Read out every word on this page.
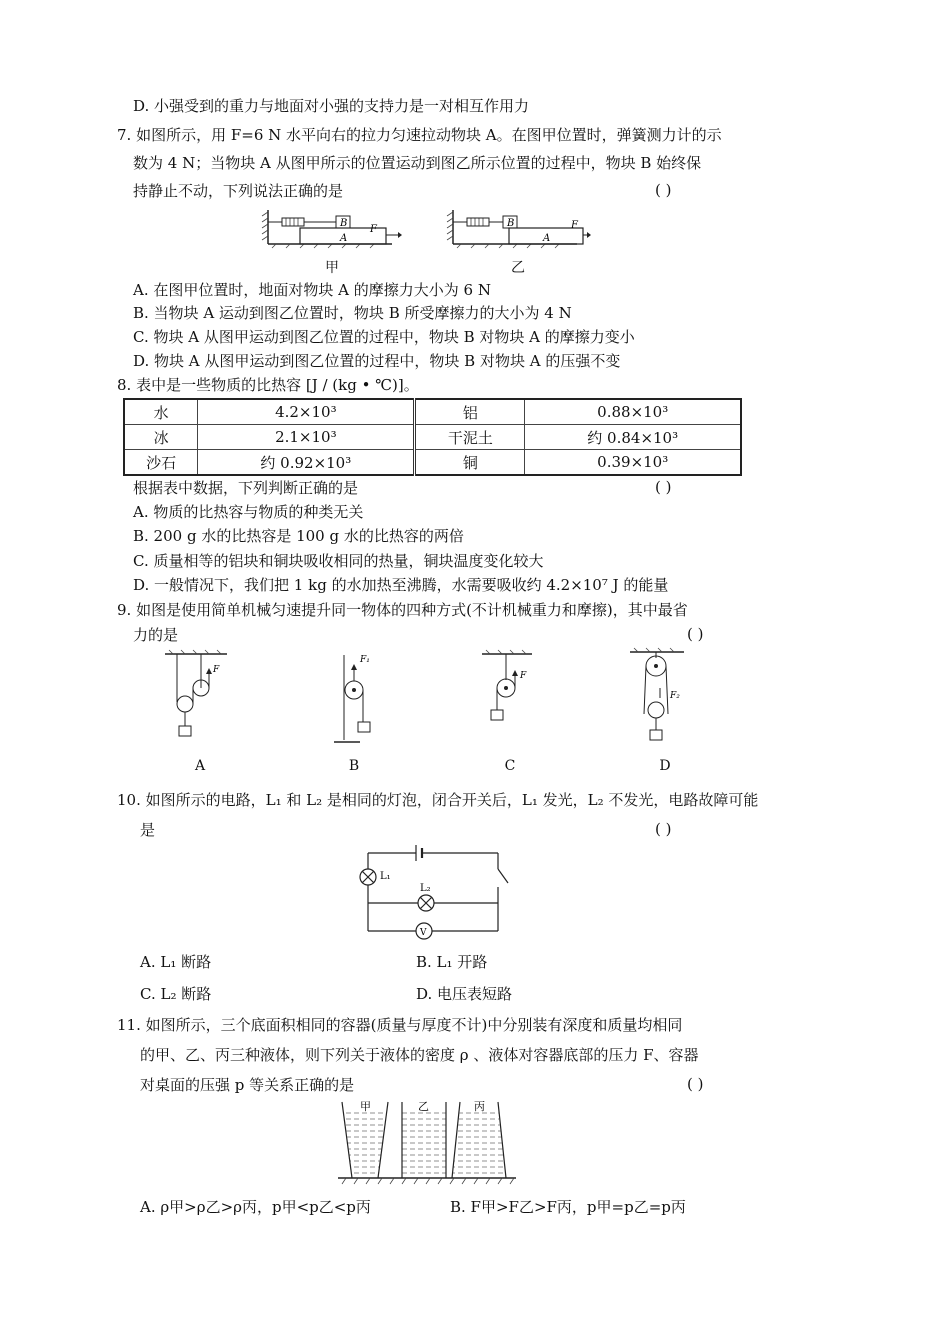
D. 小强受到的重力与地面对小强的支持力是一对相互作用力
7. 如图所示，用 F=6 N 水平向右的拉力匀速拉动物块 A。在图甲位置时，弹簧测力计的示
数为 4 N；当物块 A 从图甲所示的位置运动到图乙所示位置的过程中，物块 B 始终保
持静止不动，下列说法正确的是	( )
B
A
F
甲
B
A
F
乙
A. 在图甲位置时，地面对物块 A 的摩擦力大小为 6 N
B. 当物块 A 运动到图乙位置时，物块 B 所受摩擦力的大小为 4 N
C. 物块 A 从图甲运动到图乙位置的过程中，物块 B 对物块 A 的摩擦力变小
D. 物块 A 从图甲运动到图乙位置的过程中，物块 B 对物块 A 的压强不变
8. 表中是一些物质的比热容 [J / (kg • ℃)]。
水	4.2×10³	铝	0.88×10³
冰	2.1×10³	干泥土	约 0.84×10³
沙石	约 0.92×10³	铜	0.39×10³
根据表中数据，下列判断正确的是	( )
A. 物质的比热容与物质的种类无关
B. 200 g 水的比热容是 100 g 水的比热容的两倍
C. 质量相等的铝块和铜块吸收相同的热量，铜块温度变化较大
D. 一般情况下，我们把 1 kg 的水加热至沸腾，水需要吸收约 4.2×10⁷ J 的能量
9. 如图是使用简单机械匀速提升同一物体的四种方式(不计机械重力和摩擦)，其中最省
力的是	( )
F
A
F₁
B
F
C
F₂
D
10. 如图所示的电路，L₁ 和 L₂ 是相同的灯泡，闭合开关后，L₁ 发光，L₂ 不发光，电路故障可能
是	( )
L₁
L₂
V
A. L₁ 断路	B. L₁ 开路
C. L₂ 断路	D. 电压表短路
11. 如图所示，三个底面积相同的容器(质量与厚度不计)中分别装有深度和质量均相同
的甲、乙、丙三种液体，则下列关于液体的密度 ρ 、液体对容器底部的压力 F、容器
对桌面的压强 p 等关系正确的是	( )
甲	乙	丙
A. ρ甲>ρ乙>ρ丙，p甲<p乙<p丙	B. F甲>F乙>F丙，p甲=p乙=p丙
